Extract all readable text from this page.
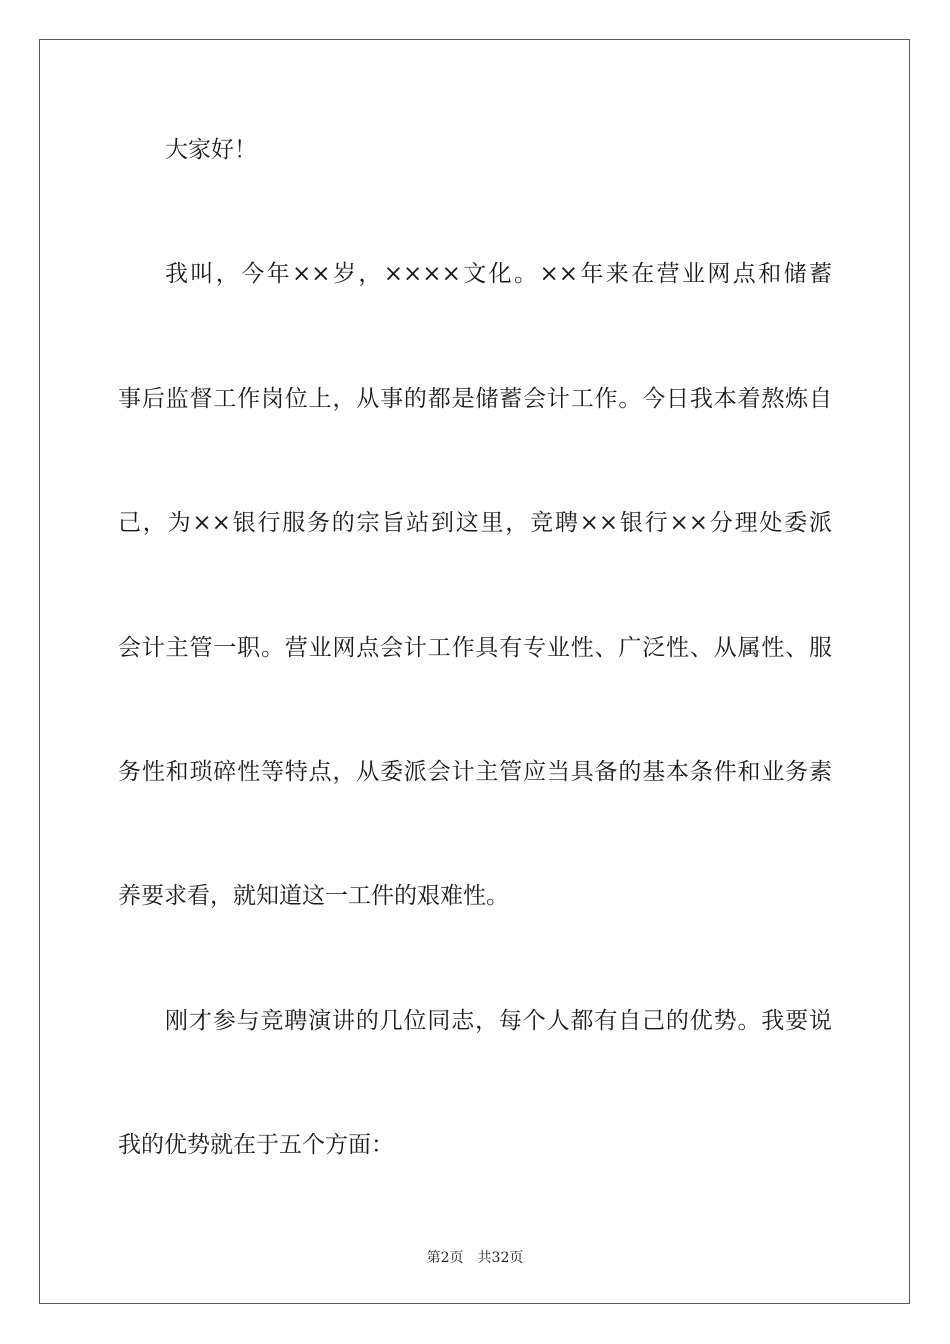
大家好！
我叫，今年××岁，××××文化。××年来在营业网点和储蓄
事后监督工作岗位上，从事的都是储蓄会计工作。今日我本着熬炼自
己，为××银行服务的宗旨站到这里，竞聘××银行××分理处委派
会计主管一职。营业网点会计工作具有专业性、广泛性、从属性、服
务性和琐碎性等特点，从委派会计主管应当具备的基本条件和业务素
养要求看，就知道这一工件的艰难性。
刚才参与竞聘演讲的几位同志，每个人都有自己的优势。我要说
我的优势就在于五个方面：
第2页 共32页
